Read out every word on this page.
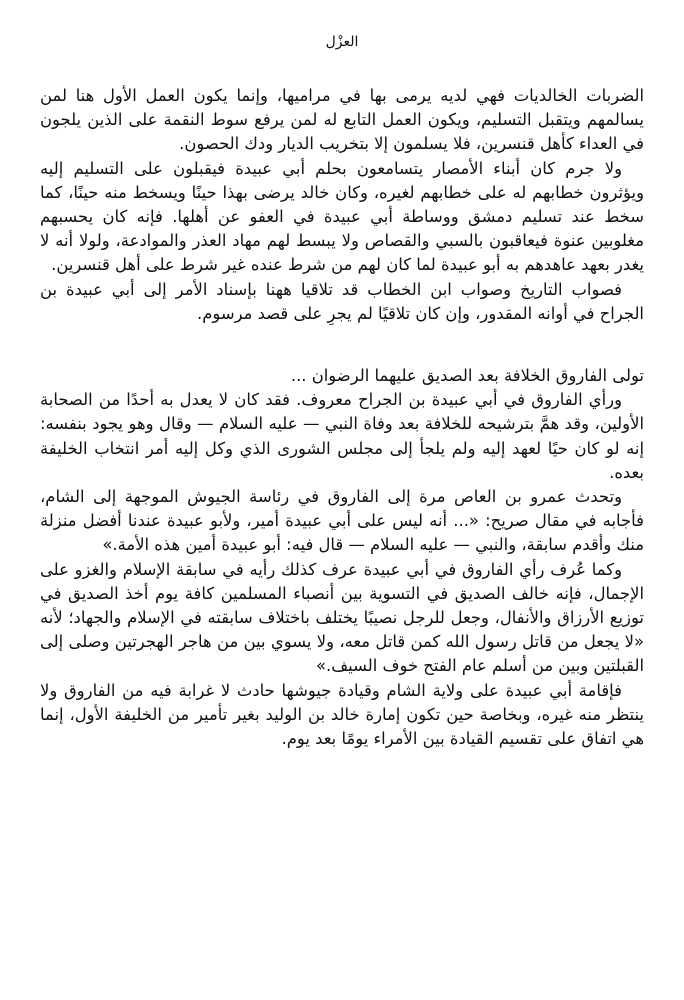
العزْل

الضربات الخالديات فهي لديه يرمى بها في مراميها، وإنما يكون العمل الأول هنا لمن يسالمهم ويتقبل التسليم، ويكون العمل التابع له لمن يرفع سوط النقمة على الذين يلجون في العداء كأهل قنسرين، فلا يسلمون إلا بتخريب الديار ودك الحصون.

ولا جرم كان أبناء الأمصار يتسامعون بحلم أبي عبيدة فيقبلون على التسليم إليه ويؤثرون خطابهم له على خطابهم لغيره، وكان خالد يرضى بهذا حينًا ويسخط منه حينًا، كما سخط عند تسليم دمشق ووساطة أبي عبيدة في العفو عن أهلها. فإنه كان يحسبهم مغلوبين عنوة فيعاقبون بالسبي والقصاص ولا يبسط لهم مهاد العذر والموادعة، ولولا أنه لا يغدر بعهد عاهدهم به أبو عبيدة لما كان لهم من شرط عنده غير شرط على أهل قنسرين.

فصواب التاريخ وصواب ابن الخطاب قد تلاقيا ههنا بإسناد الأمر إلى أبي عبيدة بن الجراح في أوانه المقدور، وإن كان تلاقيًا لم يجرِ على قصد مرسوم.

تولى الفاروق الخلافة بعد الصديق عليهما الرضوان ...

ورأي الفاروق في أبي عبيدة بن الجراح معروف. فقد كان لا يعدل به أحدًا من الصحابة الأولين، وقد همَّ بترشيحه للخلافة بعد وفاة النبي — عليه السلام — وقال وهو يجود بنفسه: إنه لو كان حيًا لعهد إليه ولم يلجأ إلى مجلس الشورى الذي وكل إليه أمر انتخاب الخليفة بعده.

وتحدث عمرو بن العاص مرة إلى الفاروق في رئاسة الجيوش الموجهة إلى الشام، فأجابه في مقال صريح: «... أنه ليس على أبي عبيدة أمير، ولأبو عبيدة عندنا أفضل منزلة منك وأقدم سابقة، والنبي — عليه السلام — قال فيه: أبو عبيدة أمين هذه الأمة.»

وكما عُرف رأي الفاروق في أبي عبيدة عرف كذلك رأيه في سابقة الإسلام والغزو على الإجمال، فإنه خالف الصديق في التسوية بين أنصباء المسلمين كافة يوم أخذ الصديق في توزيع الأرزاق والأنفال، وجعل للرجل نصيبًا يختلف باختلاف سابقته في الإسلام والجهاد؛ لأنه «لا يجعل من قاتل رسول الله كمن قاتل معه، ولا يسوي بين من هاجر الهجرتين وصلى إلى القبلتين وبين من أسلم عام الفتح خوف السيف.»

فإقامة أبي عبيدة على ولاية الشام وقيادة جيوشها حادث لا غرابة فيه من الفاروق ولا ينتظر منه غيره، وبخاصة حين تكون إمارة خالد بن الوليد بغير تأمير من الخليفة الأول، إنما هي اتفاق على تقسيم القيادة بين الأمراء يومًا بعد يوم.
